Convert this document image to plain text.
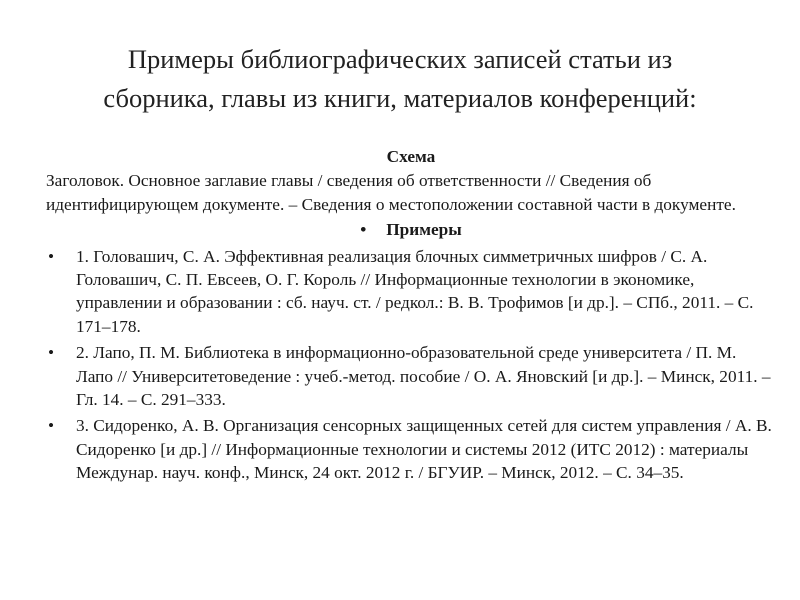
Примеры библиографических записей статьи из
сборника, главы из книги, материалов конференций:
Схема

Заголовок. Основное заглавие главы / сведения об ответственности // Сведения об идентифицирующем документе. – Сведения о местоположении составной части в документе.

•	Примеры
•	1. Головашич, С. А. Эффективная реализация блочных симметричных шифров / С. А. Головашич, С. П. Евсеев, О. Г. Король // Информационные технологии в экономике, управлении и образовании : сб. науч. ст. / редкол.: В. В. Трофимов [и др.]. – СПб., 2011. – С. 171–178.
•	2. Лапо, П. М. Библиотека в информационно-образовательной среде университета / П. М. Лапо // Университетоведение : учеб.-метод. пособие / О. А. Яновский [и др.]. – Минск, 2011. – Гл. 14. – С. 291–333.
•	3. Сидоренко, А. В. Организация сенсорных защищенных сетей для систем управления / А. В. Сидоренко [и др.] // Информационные технологии и системы 2012 (ИТС 2012) : материалы Междунар. науч. конф., Минск, 24 окт. 2012 г. / БГУИР. – Минск, 2012. – С. 34–35.
